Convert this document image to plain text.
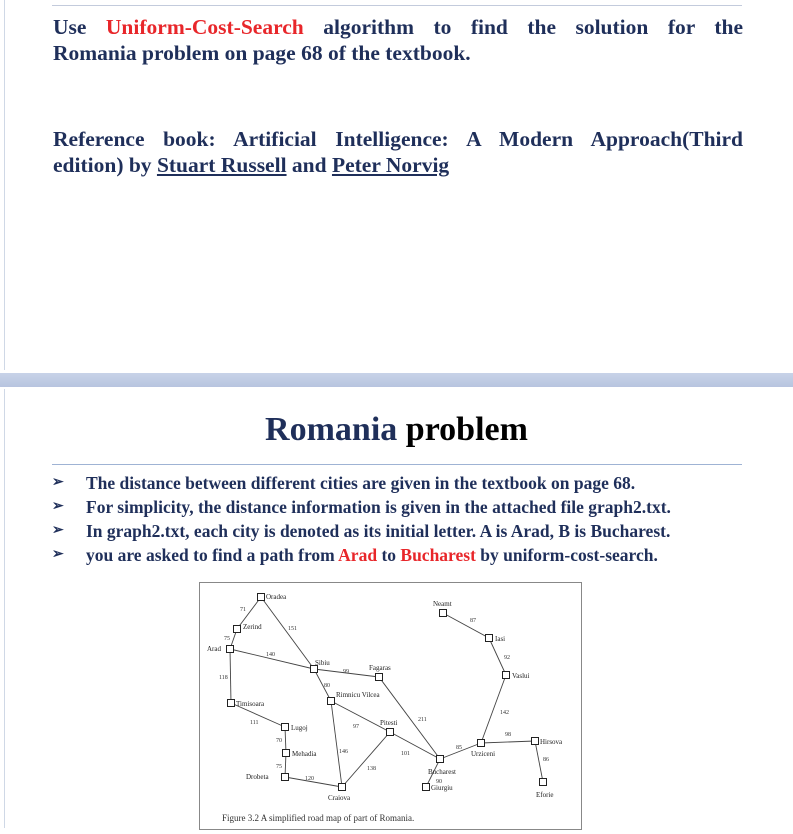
Use Uniform-Cost-Search algorithm to find the solution for the
Romania problem on page 68 of the textbook.
Reference book: Artificial Intelligence: A Modern Approach(Third
edition) by Stuart Russell and Peter Norvig
Romania problem
➢ The distance between different cities are given in the textbook on page 68.
➢ For simplicity, the distance information is given in the attached file graph2.txt.
➢ In graph2.txt, each city is denoted as its initial letter. A is Arad, B is Bucharest.
➢ you are asked to find a path from Arad to Bucharest by uniform-cost-search.
Oradea
Zerind
Arad
Timisoara
Lugoj
Mehadia
Drobeta
Craiova
Sibiu
Fagaras
Rimnicu Vilcea
Pitesti
Bucharest
Giurgiu
Urziceni
Hirsova
Eforie
Vaslui
Iasi
Neamt
71
75
151
140
118
111
70
75
120
99
80
97
146
138
101
211
90
85
98
86
142
92
87
Figure 3.2 A simplified road map of part of Romania.
